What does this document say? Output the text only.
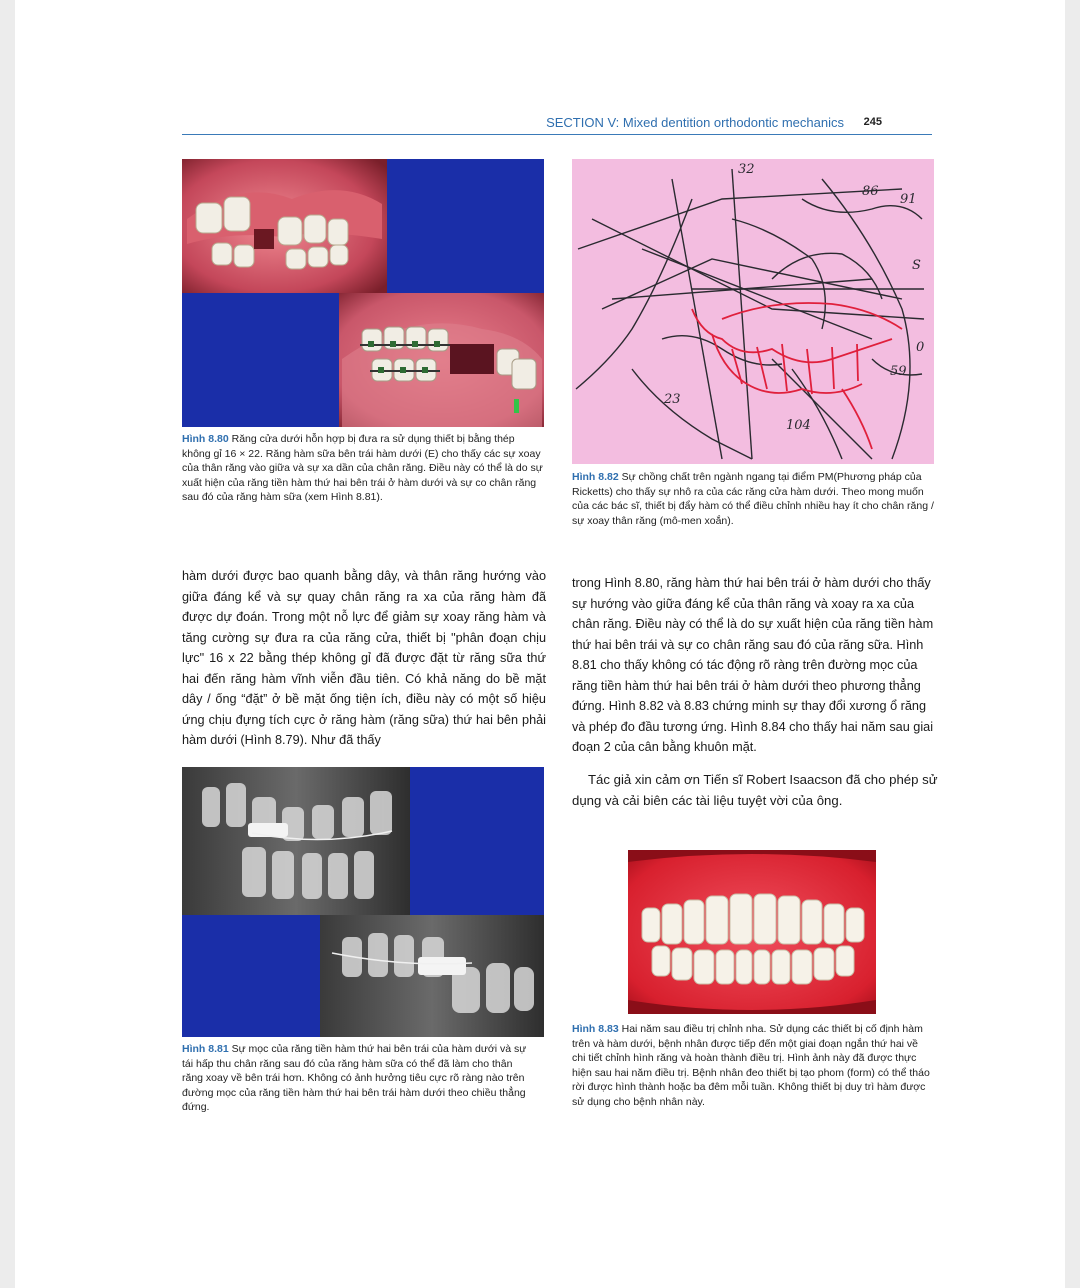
SECTION V: Mixed dentition orthodontic mechanics 245
Hình 8.80 Răng cửa dưới hỗn hợp bị đưa ra sử dụng thiết bị bằng thép không gỉ 16 × 22. Răng hàm sữa bên trái hàm dưới (E) cho thấy các sự xoay của thân răng vào giữa và sự xa dần của chân răng. Điều này có thể là do sự xuất hiện của răng tiền hàm thứ hai bên trái ở hàm dưới và sự co chân răng sau đó của răng hàm sữa (xem Hình 8.81).
32
86
91
S
23
104
0
59
Hình 8.82 Sự chồng chất trên ngành ngang tại điểm PM(Phương pháp của Ricketts) cho thấy sự nhô ra của các răng cửa hàm dưới. Theo mong muốn của các bác sĩ, thiết bị đẩy hàm có thể điều chỉnh nhiều hay ít cho chân răng / sự xoay thân răng (mô-men xoắn).
hàm dưới được bao quanh bằng dây, và thân răng hướng vào giữa đáng kể và sự quay chân răng ra xa của răng hàm đã được dự đoán. Trong một nỗ lực để giảm sự xoay răng hàm và tăng cường sự đưa ra của răng cửa, thiết bị "phân đoạn chịu lực" 16 x 22 bằng thép không gỉ đã được đặt từ răng sữa thứ hai đến răng hàm vĩnh viễn đầu tiên. Có khả năng do bề mặt dây / ống “đặt” ở bề mặt ống tiện ích, điều này có một số hiệu ứng chịu đựng tích cực ở răng hàm (răng sữa) thứ hai bên phải hàm dưới (Hình 8.79). Như đã thấy
trong Hình 8.80, răng hàm thứ hai bên trái ở hàm dưới cho thấy sự hướng vào giữa đáng kể của thân răng và xoay ra xa của chân răng. Điều này có thể là do sự xuất hiện của răng tiền hàm thứ hai bên trái và sự co chân răng sau đó của răng sữa. Hình 8.81 cho thấy không có tác động rõ ràng trên đường mọc của răng tiền hàm thứ hai bên trái ở hàm dưới theo phương thẳng đứng. Hình 8.82 và 8.83 chứng minh sự thay đổi xương ổ răng và phép đo đầu tương ứng. Hình 8.84 cho thấy hai năm sau giai đoạn 2 của cân bằng khuôn mặt.
Tác giả xin cảm ơn Tiến sĩ Robert Isaacson đã cho phép sử dụng và cải biên các tài liệu tuyệt vời của ông.
Hình 8.81 Sự mọc của răng tiền hàm thứ hai bên trái của hàm dưới và sự tái hấp thu chân răng sau đó của răng hàm sữa có thể đã làm cho thân răng xoay về bên trái hơn. Không có ảnh hưởng tiêu cực rõ ràng nào trên đường mọc của răng tiền hàm thứ hai bên trái hàm dưới theo chiều thẳng đứng.
Hình 8.83 Hai năm sau điều trị chỉnh nha. Sử dụng các thiết bị cố định hàm trên và hàm dưới, bệnh nhân được tiếp đến một giai đoạn ngắn thứ hai về chi tiết chỉnh hình răng và hoàn thành điều trị. Hình ảnh này đã được thực hiện sau hai năm điều trị. Bệnh nhân đeo thiết bị tạo phom (form) có thể tháo rời được hình thành hoặc ba đêm mỗi tuần. Không thiết bị duy trì hàm được sử dụng cho bệnh nhân này.
